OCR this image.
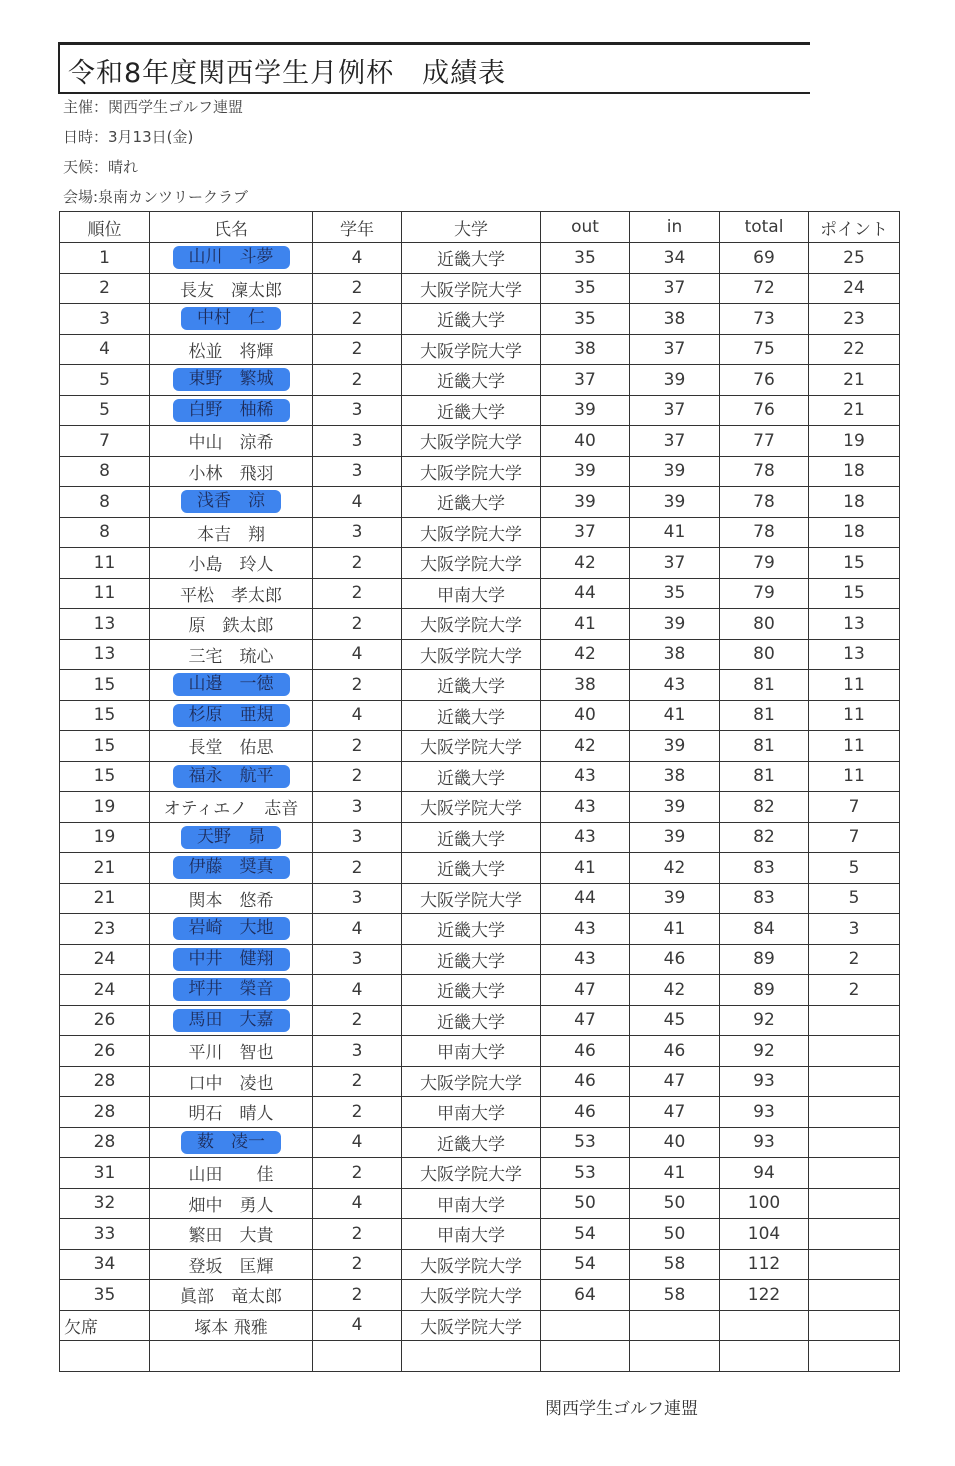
令和8年度関西学生月例杯　成績表
主催：関西学生ゴルフ連盟
日時：3月13日(金)
天候：晴れ
会場:泉南カンツリークラブ
順位	氏名	学年	大学	out	in	total	ポイント
1	山川　斗夢	4	近畿大学	35	34	69	25
2	長友　凜太郎	2	大阪学院大学	35	37	72	24
3	中村　仁	2	近畿大学	35	38	73	23
4	松並　将輝	2	大阪学院大学	38	37	75	22
5	東野　繁城	2	近畿大学	37	39	76	21
5	白野　柚稀	3	近畿大学	39	37	76	21
7	中山　涼希	3	大阪学院大学	40	37	77	19
8	小林　飛羽	3	大阪学院大学	39	39	78	18
8	浅香　涼	4	近畿大学	39	39	78	18
8	本吉　翔	3	大阪学院大学	37	41	78	18
11	小島　玲人	2	大阪学院大学	42	37	79	15
11	平松　孝太郎	2	甲南大学	44	35	79	15
13	原　鉄太郎	2	大阪学院大学	41	39	80	13
13	三宅　琉心	4	大阪学院大学	42	38	80	13
15	山邉　一徳	2	近畿大学	38	43	81	11
15	杉原　亜規	4	近畿大学	40	41	81	11
15	長堂　佑思	2	大阪学院大学	42	39	81	11
15	福永　航平	2	近畿大学	43	38	81	11
19	オティエノ　志音	3	大阪学院大学	43	39	82	7
19	天野　昴	3	近畿大学	43	39	82	7
21	伊藤　奨真	2	近畿大学	41	42	83	5
21	関本　悠希	3	大阪学院大学	44	39	83	5
23	岩崎　大地	4	近畿大学	43	41	84	3
24	中井　健翔	3	近畿大学	43	46	89	2
24	坪井　榮音	4	近畿大学	47	42	89	2
26	馬田　大嘉	2	近畿大学	47	45	92	
26	平川　智也	3	甲南大学	46	46	92	
28	口中　凌也	2	大阪学院大学	46	47	93	
28	明石　晴人	2	甲南大学	46	47	93	
28	薮　凌一	4	近畿大学	53	40	93	
31	山田　　佳	2	大阪学院大学	53	41	94	
32	畑中　勇人	4	甲南大学	50	50	100	
33	繁田　大貴	2	甲南大学	54	50	104	
34	登坂　匡輝	2	大阪学院大学	54	58	112	
35	眞部　竜太郎	2	大阪学院大学	64	58	122	
欠席	塚本 飛雅	4	大阪学院大学				

関西学生ゴルフ連盟
